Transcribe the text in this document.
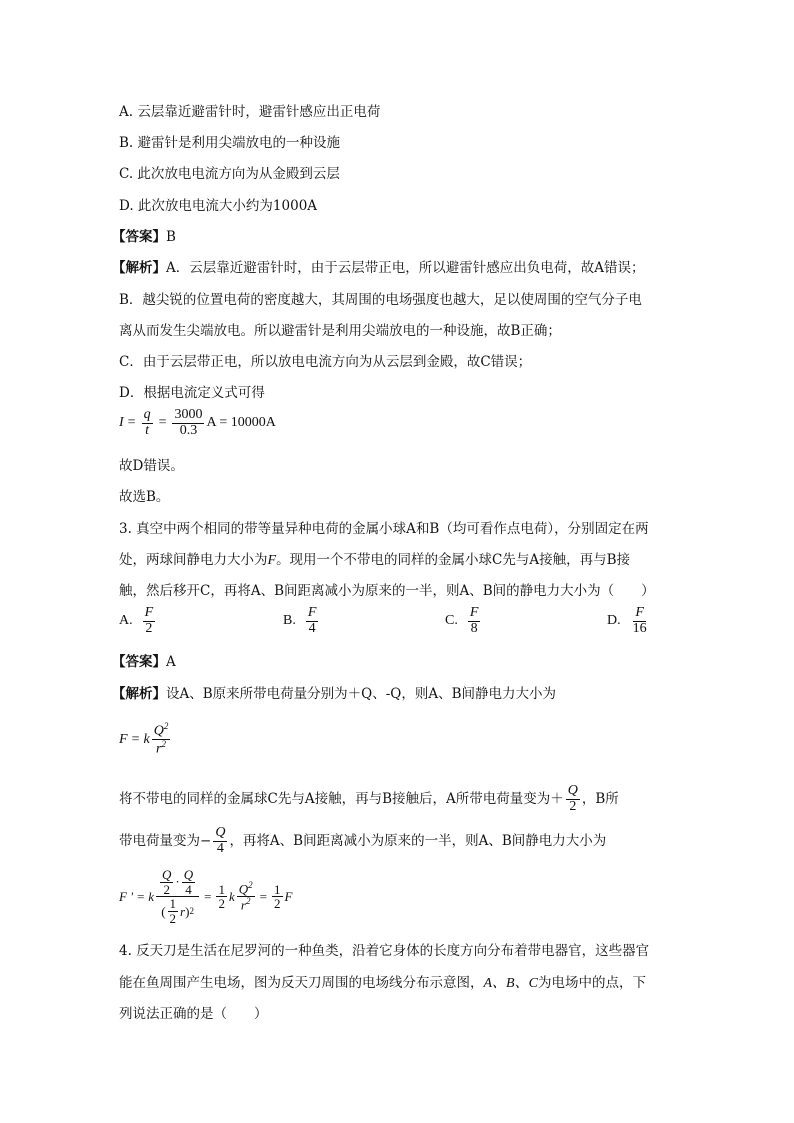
A. 云层靠近避雷针时，避雷针感应出正电荷
B. 避雷针是利用尖端放电的一种设施
C. 此次放电电流方向为从金殿到云层
D. 此次放电电流大小约为1000A
【答案】B
【解析】A．云层靠近避雷针时，由于云层带正电，所以避雷针感应出负电荷，故A错误；
B．越尖锐的位置电荷的密度越大，其周围的电场强度也越大，足以使周围的空气分子电
离从而发生尖端放电。所以避雷针是利用尖端放电的一种设施，故B正确；
C．由于云层带正电，所以放电电流方向为从云层到金殿，故C错误；
D．根据电流定义式可得
$I = \frac{q}{t} = \frac{3000}{0.3}$ A = 10000A
故D错误。
故选B。
3. 真空中两个相同的带等量异种电荷的金属小球A和B（均可看作点电荷），分别固定在两
处，两球间静电力大小为F。现用一个不带电的同样的金属小球C先与A接触，再与B接
触，然后移开C，再将A、B间距离减小为原来的一半，则A、B间的静电力大小为（　　）
A. $\frac{F}{2}$	B. $\frac{F}{4}$	C. $\frac{F}{8}$	D. $\frac{F}{16}$
【答案】A
【解析】设A、B原来所带电荷量分别为＋Q、-Q，则A、B间静电力大小为
F = k $\frac{Q^2}{r^2}$
将不带电的同样的金属球C先与A接触，再与B接触后，A所带电荷量变为＋ $\frac{Q}{2}$ ，B所
带电荷量变为− $\frac{Q}{4}$ ，再将A、B间距离减小为原来的一半，则A、B间静电力大小为
F ' = k $\frac{\frac{Q}{2} \cdot \frac{Q}{4}}{( \frac{1}{2} r ) 2} = \frac{1}{2}$ k $\frac{Q^2}{r^2} = \frac{1}{2}$ F
4. 反天刀是生活在尼罗河的一种鱼类，沿着它身体的长度方向分布着带电器官，这些器官
能在鱼周围产生电场，图为反天刀周围的电场线分布示意图，A、B、C为电场中的点，下
列说法正确的是（　　）
